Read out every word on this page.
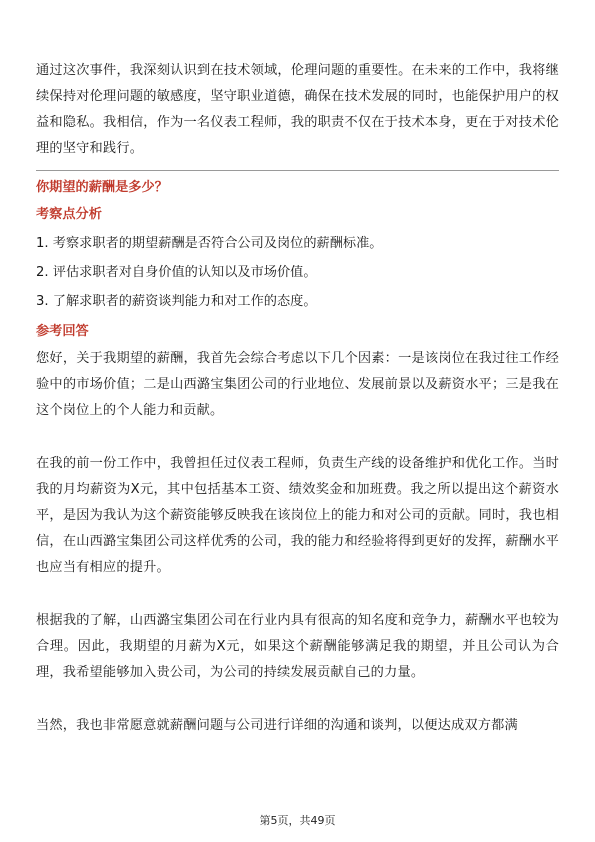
通过这次事件，我深刻认识到在技术领域，伦理问题的重要性。在未来的工作中，我将继续保持对伦理问题的敏感度，坚守职业道德，确保在技术发展的同时，也能保护用户的权益和隐私。我相信，作为一名仪表工程师，我的职责不仅在于技术本身，更在于对技术伦理的坚守和践行。

你期望的薪酬是多少？

考察点分析

1. 考察求职者的期望薪酬是否符合公司及岗位的薪酬标准。

2. 评估求职者对自身价值的认知以及市场价值。

3. 了解求职者的薪资谈判能力和对工作的态度。

参考回答

您好，关于我期望的薪酬，我首先会综合考虑以下几个因素：一是该岗位在我过往工作经验中的市场价值；二是山西潞宝集团公司的行业地位、发展前景以及薪资水平；三是我在这个岗位上的个人能力和贡献。

在我的前一份工作中，我曾担任过仪表工程师，负责生产线的设备维护和优化工作。当时我的月均薪资为X元，其中包括基本工资、绩效奖金和加班费。我之所以提出这个薪资水平，是因为我认为这个薪资能够反映我在该岗位上的能力和对公司的贡献。同时，我也相信，在山西潞宝集团公司这样优秀的公司，我的能力和经验将得到更好的发挥，薪酬水平也应当有相应的提升。

根据我的了解，山西潞宝集团公司在行业内具有很高的知名度和竞争力，薪酬水平也较为合理。因此，我期望的月薪为X元，如果这个薪酬能够满足我的期望，并且公司认为合理，我希望能够加入贵公司，为公司的持续发展贡献自己的力量。

当然，我也非常愿意就薪酬问题与公司进行详细的沟通和谈判，以便达成双方都满

第5页，共49页
